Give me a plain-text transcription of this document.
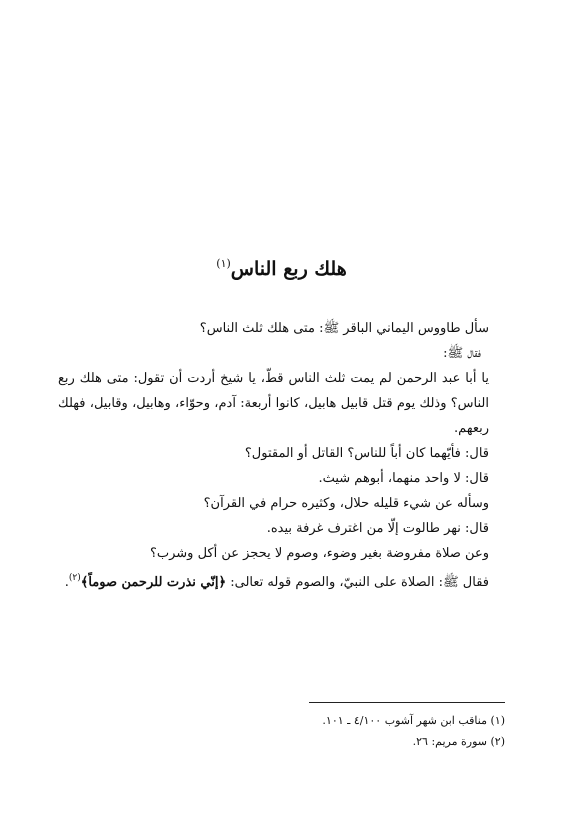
هلك ربع الناس$^{(١)}$

سأل طاووس اليماني الباقر ﷺ: متى هلك ثلث الناس؟

فقال ﷺ:

يا أبا عبد الرحمن لم يمت ثلث الناس قطّ، يا شيخ أردت أن تقول: متى هلك ربع الناس؟ وذلك يوم قتل قابيل هابيل، كانوا أربعة: آدم، وحوّاء، وهابيل، وقابيل، فهلك ربعهم.

قال: فأيّهما كان أباً للناس؟ القاتل أو المقتول؟

قال: لا واحد منهما، أبوهم شيث.

وسأله عن شيء قليله حلال، وكثيره حرام في القرآن؟

قال: نهر طالوت إلّا من اغترف غرفة بيده.

وعن صلاة مفروضة بغير وضوء، وصوم لا يحجز عن أكل وشرب؟

فقال ﷺ: الصلاة على النبيّ، والصوم قوله تعالى: ﴿إنّي نذرت للرحمن صوماً﴾$^{(٢)}$.

(١) مناقب ابن شهر آشوب ٤/١٠٠ ـ ١٠١.
(٢) سورة مريم: ٢٦.
